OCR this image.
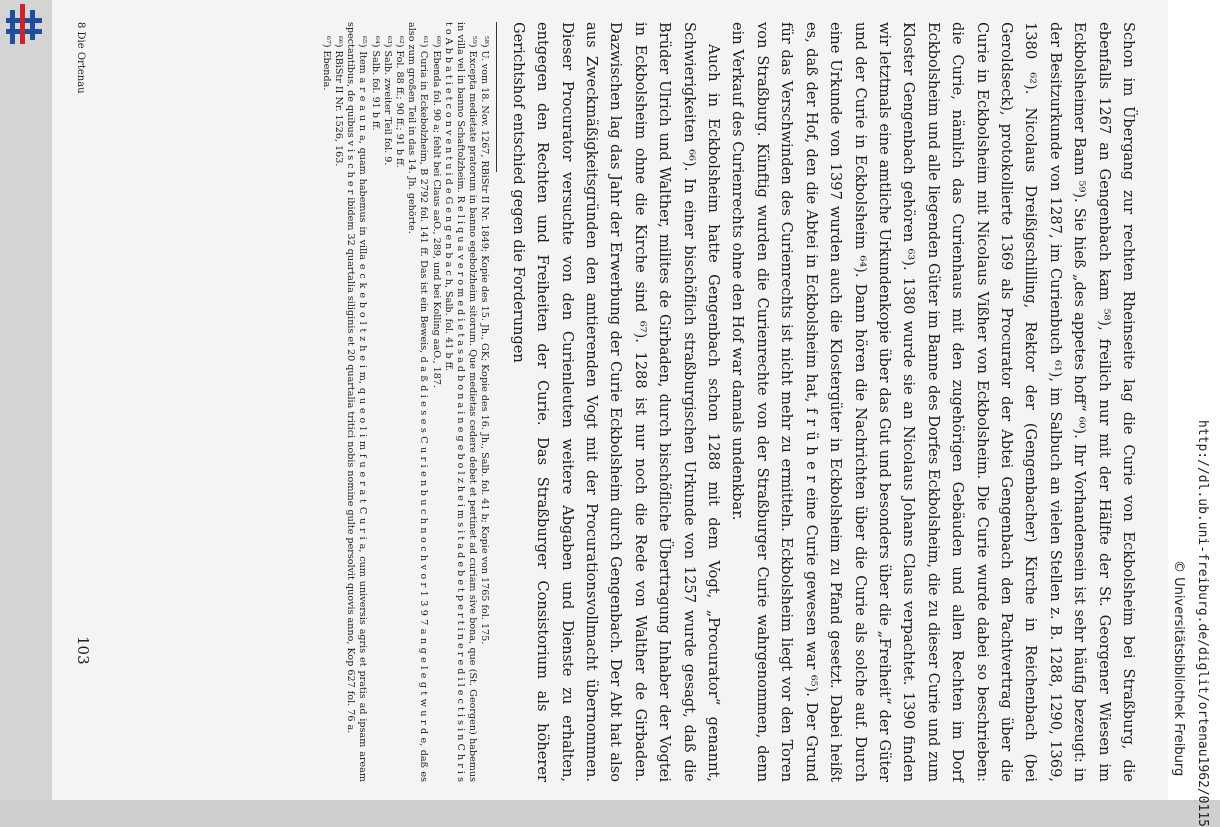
Schon im Übergang zur rechten Rheinseite lag die Curie von Eckbolsheim bei Straßburg, die ebenfalls 1267 an Gengenbach kam ⁵⁸), freilich nur mit der Hälfte der St. Georgener Wiesen im Eckbolsheimer Bann ⁵⁹). Sie hieß „des appetes hoff“ ⁶⁰). Ihr Vorhandensein ist sehr häufig bezeugt: in der Besitzurkunde von 1287, im Curienbuch ⁶¹), im Salbuch an vielen Stellen z. B. 1288, 1290, 1369, 1380 ⁶²). Nicolaus Dreißigschilling, Rektor der (Gengenbacher) Kirche in Reichenbach (bei Geroldseck), protokollierte 1369 als Procurator der Abtei Gengenbach den Pachtvertrag über die Curie in Eckbolsheim mit Nicolaus Vißher von Eckbolsheim. Die Curie wurde dabei so beschrieben: die Curie, nämlich das Curienhaus mit den zugehörigen Gebäuden und allen Rechten im Dorf Eckbolsheim und alle liegenden Güter im Banne des Dorfes Eckbolsheim, die zu dieser Curie und zum Kloster Gengenbach gehören ⁶³). 1380 wurde sie an Nicolaus Johans Claus verpachtet. 1390 finden wir letztmals eine amtliche Urkundenkopie über das Gut und besonders über die „Freiheit“ der Güter und der Curie in Eckbolsheim ⁶⁴). Dann hören die Nachrichten über die Curie als solche auf. Durch eine Urkunde von 1397 wurden auch die Klostergüter in Eckbolsheim zu Pfand gesetzt. Dabei heißt es, daß der Hof, den die Abtei in Eckbolsheim hat, f r ü h e r eine Curie gewesen war ⁶⁵). Der Grund für das Verschwinden des Curienrechts ist nicht mehr zu ermitteln. Eckbolsheim liegt vor den Toren von Straßburg. Künftig wurden die Curienrechte von der Straßburger Curie wahrgenommen, denn ein Verkauf des Curienrechts ohne den Hof war damals undenkbar.

Auch in Eckbolsheim hatte Gengenbach schon 1288 mit dem Vogt, „Procurator“ genannt, Schwierigkeiten ⁶⁶). In einer bischöflich straßburgischen Urkunde von 1257 wurde gesagt, daß die Brüder Ulrich und Walther, milites de Girbaden, durch bischöfliche Übertragung Inhaber der Vogtei in Eckbolsheim ohne die Kirche sind ⁶⁷). 1288 ist nur noch die Rede von Walther de Girbaden. Dazwischen lag das Jahr der Erwerbung der Curie Eckbolsheim durch Gengenbach. Der Abt hat also aus Zweckmäßigkeitsgründen den amtierenden Vogt mit der Procurationsvollmacht übernommen. Dieser Procurator versuchte von den Curienleuten weitere Abgaben und Dienste zu erhalten, entgegen den Rechten und Freiheiten der Curie. Das Straßburger Consistorium als höherer Gerichtshof entschied gegen die Forderungen

⁵⁸) U. vom 18. Nov. 1267, RBiStr II Nr. 1849; Kopie des 15. Jh., GK; Kopie des 16. Jh., Salb. fol. 41 b; Kopie von 1765 fol. 175.

⁵⁹) Excepta medietate pratorum in banno egebolzheim sitorum. Que medietas cedere debet et pertinet ad curiam sive bona, que (St. Georgen) habemus in villa vel in banno Schaftolzheim. R e l i q u a v e r o m e d i e t a s a d b o n a i n e g e b o l z h e i m s i t a d e b e t p e r t i n e r e d i l e c t i s i n C h r i s t o A b b a t i e t c o n v e n t u i d e G e n g e n b a c h, Salb. fol. 41 b ff.

⁶⁰) Ebenda fol. 90 a; fehlt bei Claus aaO., 289, und bei Kolling aaO., 187.

⁶¹) Curia in Eckebolzheim, B 2792 fol. 141 ff. Das ist ein Beweis, d a ß d i e s e s C u r i e n b u c h n o c h v o r 1 3 9 7 a n g e l e g t w u r d e, daß es also zum großen Teil in das 14. Jh. gehörte.

⁶²) Fol. 88 ff.; 90 ff.; 91 b ff.

⁶³) Salb. zweiter Teil fol. 9.

⁶⁴) Salb. fol. 91 b ff.

⁶⁵) Item a r e a u n a, quam habemus in villa e c k e b o l t z h e i m, q u e o l i m f u e r a t C u r i a, cum universis agris et pratis ad ipsam aream spectantibus, de quibus v i s c h e r ibidem 32 quartalia siliginis et 20 quartalia tritici nobis nomine gulte persolvit quovis anno, Kop 627 fol. 76 a.

⁶⁶) RBiStr II Nr. 1526, 163.

⁶⁷) Ebenda.

8 Die Ortenau
103	http://dl.ub.uni-freiburg.de/diglit/ortenau1962/0115
© Universitätsbibliothek Freiburg
